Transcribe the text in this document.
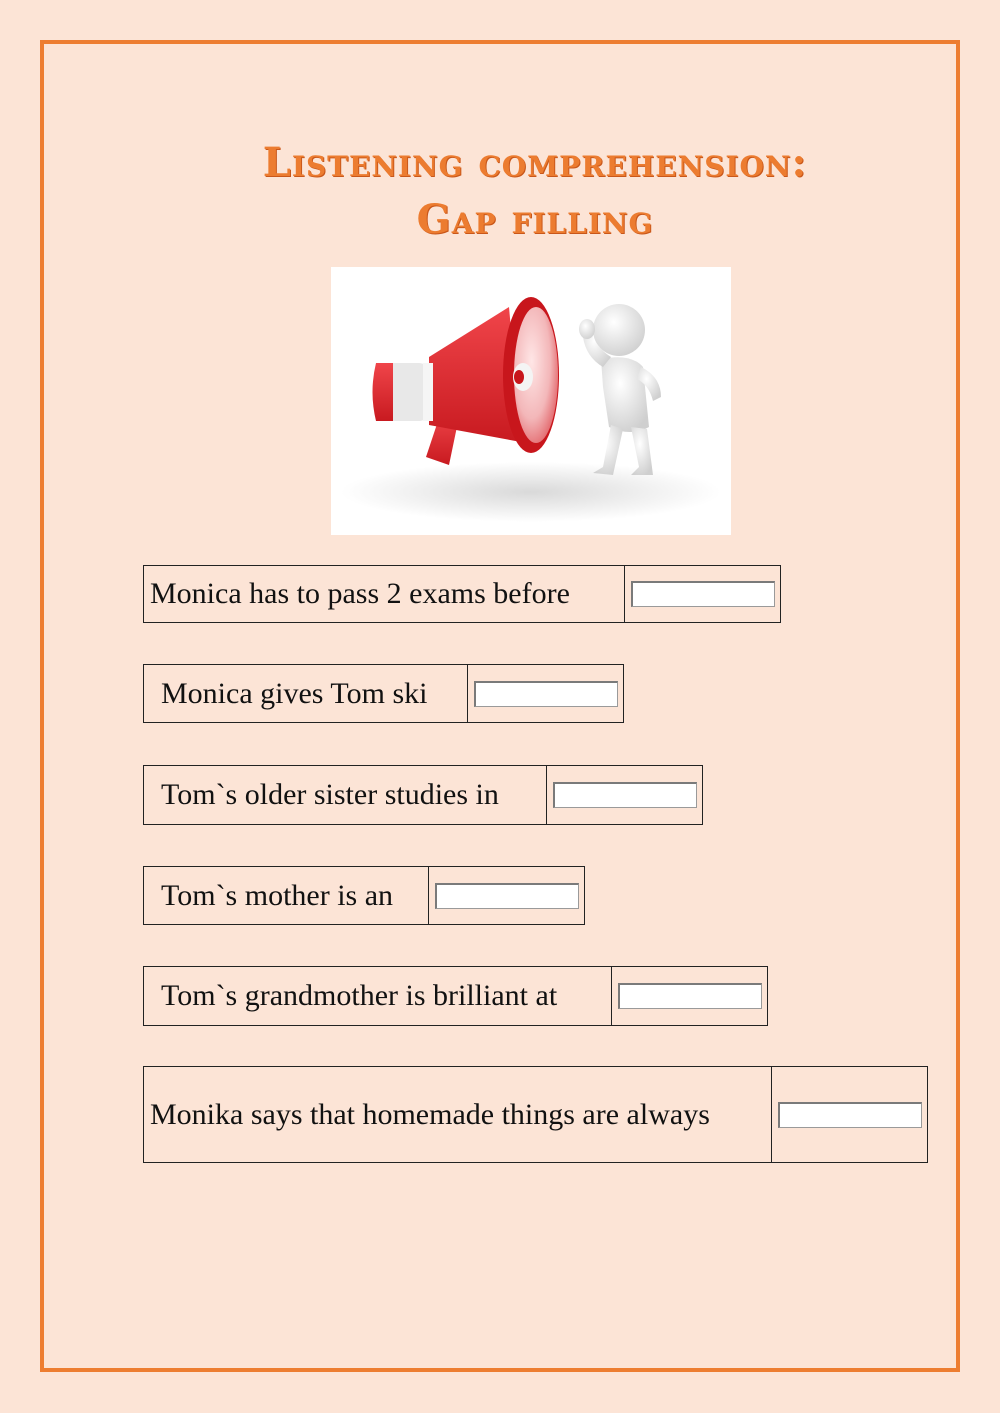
Listening comprehension:
Gap filling
Monica has to pass 2 exams before
Monica gives Tom ski
Tom`s older sister studies in
Tom`s mother is an
Tom`s grandmother is brilliant at
Monika says that homemade things are always
